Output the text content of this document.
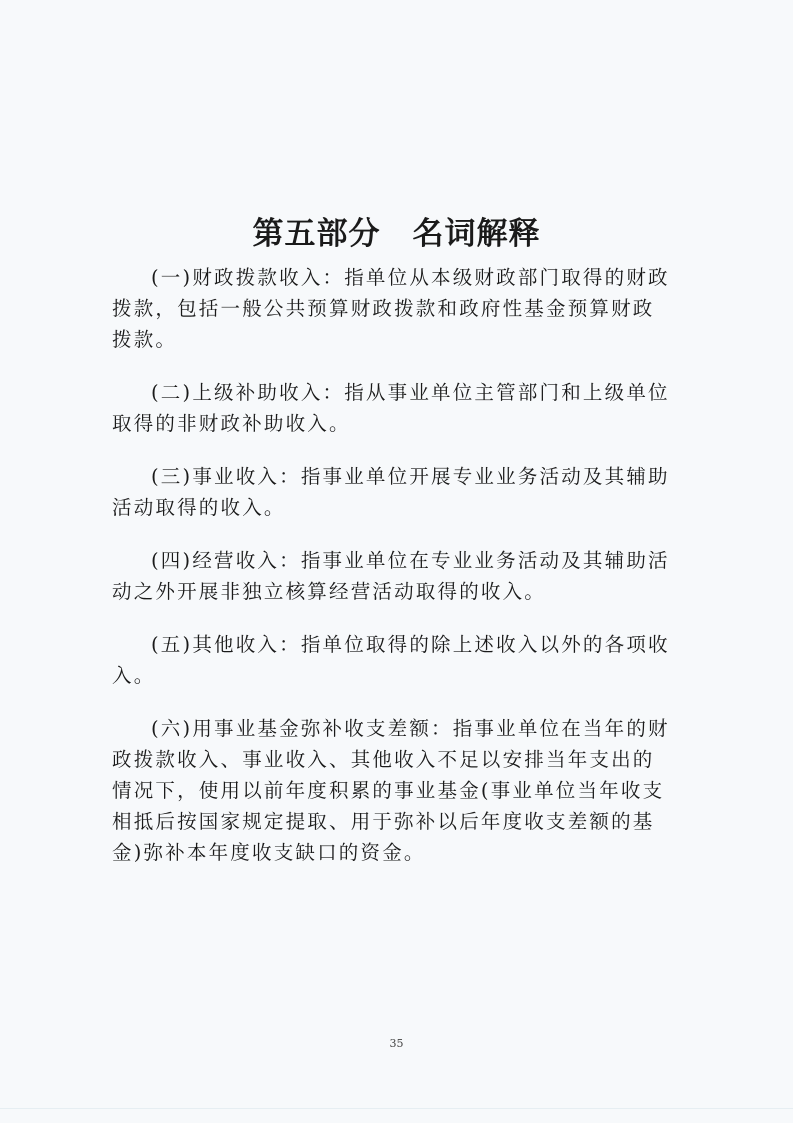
第五部分　名词解释

(一)财政拨款收入：指单位从本级财政部门取得的财政拨款，包括一般公共预算财政拨款和政府性基金预算财政拨款。

(二)上级补助收入：指从事业单位主管部门和上级单位取得的非财政补助收入。

(三)事业收入：指事业单位开展专业业务活动及其辅助活动取得的收入。

(四)经营收入：指事业单位在专业业务活动及其辅助活动之外开展非独立核算经营活动取得的收入。

(五)其他收入：指单位取得的除上述收入以外的各项收入。

(六)用事业基金弥补收支差额：指事业单位在当年的财政拨款收入、事业收入、其他收入不足以安排当年支出的情况下，使用以前年度积累的事业基金(事业单位当年收支相抵后按国家规定提取、用于弥补以后年度收支差额的基金)弥补本年度收支缺口的资金。

35
